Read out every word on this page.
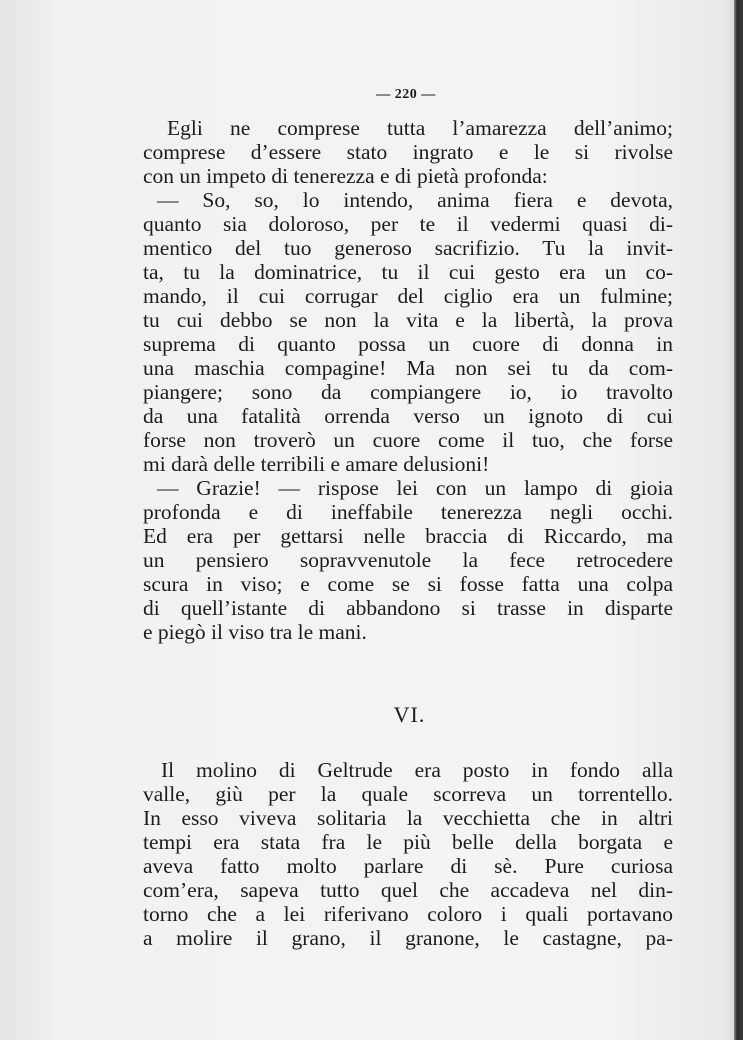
— 220 —
Egli ne comprese tutta l’amarezza dell’animo;
comprese d’essere stato ingrato e le si rivolse
con un impeto di tenerezza e di pietà profonda:
— So, so, lo intendo, anima fiera e devota,
quanto sia doloroso, per te il vedermi quasi di-
mentico del tuo generoso sacrifizio. Tu la invit-
ta, tu la dominatrice, tu il cui gesto era un co-
mando, il cui corrugar del ciglio era un fulmine;
tu cui debbo se non la vita e la libertà, la prova
suprema di quanto possa un cuore di donna in
una maschia compagine! Ma non sei tu da com-
piangere; sono da compiangere io, io travolto
da una fatalità orrenda verso un ignoto di cui
forse non troverò un cuore come il tuo, che forse
mi darà delle terribili e amare delusioni!
— Grazie! — rispose lei con un lampo di gioia
profonda e di ineffabile tenerezza negli occhi.
Ed era per gettarsi nelle braccia di Riccardo, ma
un pensiero sopravvenutole la fece retrocedere
scura in viso; e come se si fosse fatta una colpa
di quell’istante di abbandono si trasse in disparte
e piegò il viso tra le mani.
VI.
Il molino di Geltrude era posto in fondo alla
valle, giù per la quale scorreva un torrentello.
In esso viveva solitaria la vecchietta che in altri
tempi era stata fra le più belle della borgata e
aveva fatto molto parlare di sè. Pure curiosa
com’era, sapeva tutto quel che accadeva nel din-
torno che a lei riferivano coloro i quali portavano
a molire il grano, il granone, le castagne, pa-
